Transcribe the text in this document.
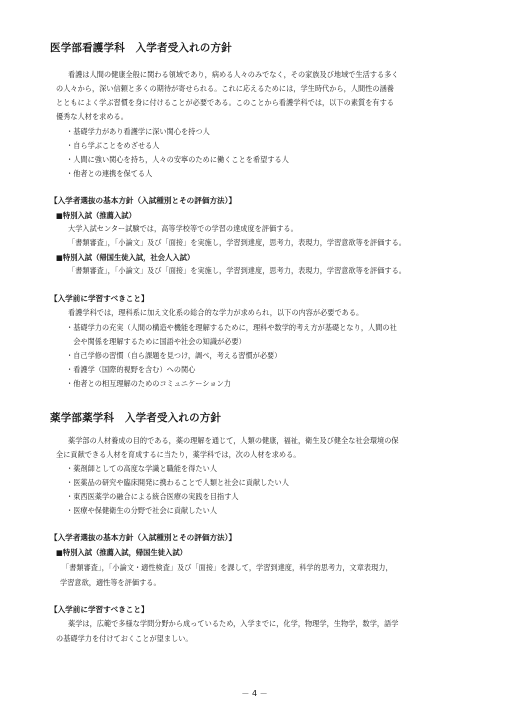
医学部看護学科　入学者受入れの方針
看護は人間の健康全般に関わる領域であり，病める人々のみでなく，その家族及び地域で生活する多く
の人々から，深い信頼と多くの期待が寄せられる。これに応えるためには，学生時代から，人間性の涵養
とともによく学ぶ習慣を身に付けることが必要である。このことから看護学科では，以下の素質を有する
優秀な人材を求める。
・基礎学力があり看護学に深い関心を持つ人
・自ら学ぶことをめざせる人
・人間に強い関心を持ち，人々の安寧のために働くことを希望する人
・他者との連携を保てる人
【入学者選抜の基本方針（入試種別とその評価方法）】
■特別入試（推薦入試）
大学入試センター試験では，高等学校等での学習の達成度を評価する。
「書類審査」，「小論文」及び「面接」を実施し，学習到達度，思考力，表現力，学習意欲等を評価する。
■特別入試（帰国生徒入試，社会人入試）
「書類審査」，「小論文」及び「面接」を実施し，学習到達度，思考力，表現力，学習意欲等を評価する。
【入学前に学習すべきこと】
看護学科では，理科系に加え文化系の総合的な学力が求められ，以下の内容が必要である。
・基礎学力の充実（人間の構造や機能を理解するために，理科や数学的考え方が基礎となり，人間の社
　会や関係を理解するために国語や社会の知識が必要）
・自己学修の習慣（自ら課題を見つけ，調べ，考える習慣が必要）
・看護学（国際的視野を含む）への関心
・他者との相互理解のためのコミュニケーション力
薬学部薬学科　入学者受入れの方針
薬学部の人材養成の目的である，薬の理解を通じて，人類の健康，福祉，衛生及び健全な社会環境の保
全に貢献できる人材を育成するに当たり，薬学科では，次の人材を求める。
・薬剤師としての高度な学識と職能を得たい人
・医薬品の研究や臨床開発に携わることで人類と社会に貢献したい人
・東西医薬学の融合による統合医療の実践を目指す人
・医療や保健衛生の分野で社会に貢献したい人
【入学者選抜の基本方針（入試種別とその評価方法）】
■特別入試（推薦入試，帰国生徒入試）
「書類審査」，「小論文・適性検査」及び「面接」を課して，学習到達度，科学的思考力，文章表現力，
学習意欲，適性等を評価する。
【入学前に学習すべきこと】
薬学は，広範で多様な学問分野から成っているため，入学までに，化学，物理学，生物学，数学，語学
の基礎学力を付けておくことが望ましい。
－ 4 －
